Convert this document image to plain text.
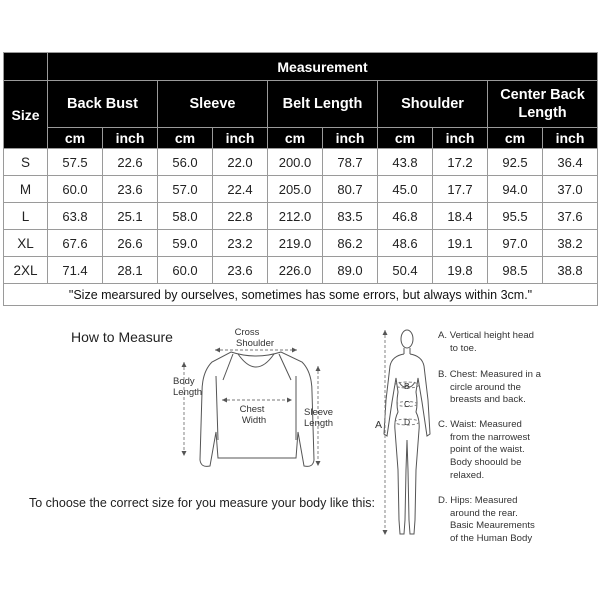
	Measurement									
Size	Back Bust		Sleeve		Belt Length		Shoulder		Center Back Length	
	cm	inch	cm	inch	cm	inch	cm	inch	cm	inch
S	57.5	22.6	56.0	22.0	200.0	78.7	43.8	17.2	92.5	36.4
M	60.0	23.6	57.0	22.4	205.0	80.7	45.0	17.7	94.0	37.0
L	63.8	25.1	58.0	22.8	212.0	83.5	46.8	18.4	95.5	37.6
XL	67.6	26.6	59.0	23.2	219.0	86.2	48.6	19.1	97.0	38.2
2XL	71.4	28.1	60.0	23.6	226.0	89.0	50.4	19.8	98.5	38.8
"Size mearsured by ourselves, sometimes has some errors, but always within 3cm."										
How to Measure	Cross
Shoulder
Body
Length
Chest
Width
Sleeve
Length	A
B
C
D
To choose the correct size for you measure your body like this:
A. Vertical height head
to toe.
B. Chest: Measured in a
circle around the
breasts and back.
C. Waist: Measured
from the narrowest
point of the waist.
Body shoould be
relaxed.
D. Hips: Measured
around the rear.
Basic Meaurements
of the Human Body
